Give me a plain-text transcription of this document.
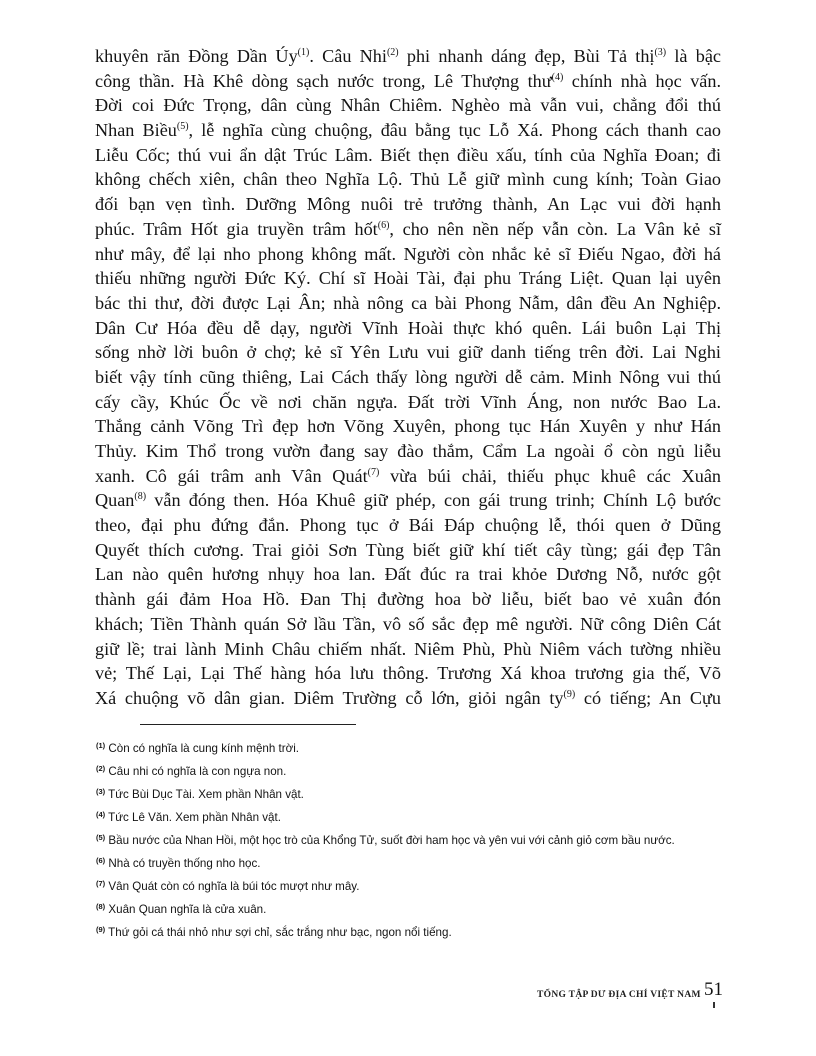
khuyên răn Đồng Dần Úy$^{(1)}$. Câu Nhi$^{(2)}$ phi nhanh dáng đẹp, Bùi Tả thị$^{(3)}$ là bậc
công thần. Hà Khê dòng sạch nước trong, Lê Thượng thư$^{(4)}$ chính nhà học vấn.
Đời coi Đức Trọng, dân cùng Nhân Chiêm. Nghèo mà vẫn vui, chẳng đổi thú
Nhan Biều$^{(5)}$, lễ nghĩa cùng chuộng, đâu bằng tục Lỗ Xá. Phong cách thanh cao
Liễu Cốc; thú vui ẩn dật Trúc Lâm. Biết thẹn điều xấu, tính của Nghĩa Đoan; đi
không chếch xiên, chân theo Nghĩa Lộ. Thủ Lễ giữ mình cung kính; Toàn Giao
đối bạn vẹn tình. Dưỡng Mông nuôi trẻ trưởng thành, An Lạc vui đời hạnh
phúc. Trâm Hốt gia truyền trâm hốt$^{(6)}$, cho nên nền nếp vẫn còn. La Vân kẻ sĩ
như mây, để lại nho phong không mất. Người còn nhắc kẻ sĩ Điếu Ngao, đời há
thiếu những người Đức Ký. Chí sĩ Hoài Tài, đại phu Tráng Liệt. Quan lại uyên
bác thi thư, đời được Lại Ân; nhà nông ca bài Phong Nẫm, dân đều An Nghiệp.
Dân Cư Hóa đều dễ dạy, người Vĩnh Hoài thực khó quên. Lái buôn Lại Thị
sống nhờ lời buôn ở chợ; kẻ sĩ Yên Lưu vui giữ danh tiếng trên đời. Lai Nghi
biết vậy tính cũng thiêng, Lai Cách thấy lòng người dễ cảm. Minh Nông vui thú
cấy cầy, Khúc Ốc về nơi chăn ngựa. Đất trời Vĩnh Áng, non nước Bao La.
Thắng cảnh Võng Trì đẹp hơn Võng Xuyên, phong tục Hán Xuyên y như Hán
Thủy. Kim Thổ trong vườn đang say đào thắm, Cẩm La ngoài ổ còn ngủ liễu
xanh. Cô gái trâm anh Vân Quát$^{(7)}$ vừa búi chải, thiếu phục khuê các Xuân
Quan$^{(8)}$ vẫn đóng then. Hóa Khuê giữ phép, con gái trung trinh; Chính Lộ bước
theo, đại phu đứng đắn. Phong tục ở Bái Đáp chuộng lễ, thói quen ở Dũng
Quyết thích cương. Trai giỏi Sơn Tùng biết giữ khí tiết cây tùng; gái đẹp Tân
Lan nào quên hương nhụy hoa lan. Đất đúc ra trai khỏe Dương Nỗ, nước gột
thành gái đảm Hoa Hồ. Đan Thị đường hoa bờ liễu, biết bao vẻ xuân đón
khách; Tiền Thành quán Sở lầu Tần, vô số sắc đẹp mê người. Nữ công Diên Cát
giữ lề; trai lành Minh Châu chiếm nhất. Niêm Phù, Phù Niêm vách tường nhiều
vẻ; Thế Lại, Lại Thế hàng hóa lưu thông. Trương Xá khoa trương gia thế, Võ
Xá chuộng võ dân gian. Diêm Trường cỗ lớn, giỏi ngân ty$^{(9)}$ có tiếng; An Cựu
$^{(1)}$ Còn có nghĩa là cung kính mệnh trời.
$^{(2)}$ Câu nhi có nghĩa là con ngựa non.
$^{(3)}$ Tức Bùi Dục Tài. Xem phần Nhân vật.
$^{(4)}$ Tức Lê Văn. Xem phần Nhân vật.
$^{(5)}$ Bầu nước của Nhan Hồi, một học trò của Khổng Tử, suốt đời ham học và yên vui với cảnh giỏ cơm bầu nước.
$^{(6)}$ Nhà có truyền thống nho học.
$^{(7)}$ Vân Quát còn có nghĩa là búi tóc mượt như mây.
$^{(8)}$ Xuân Quan nghĩa là cửa xuân.
$^{(9)}$ Thứ gỏi cá thái nhỏ như sợi chỉ, sắc trắng như bạc, ngon nổi tiếng.
TỔNG TẬP DƯ ĐỊA CHÍ VIỆT NAM 51
